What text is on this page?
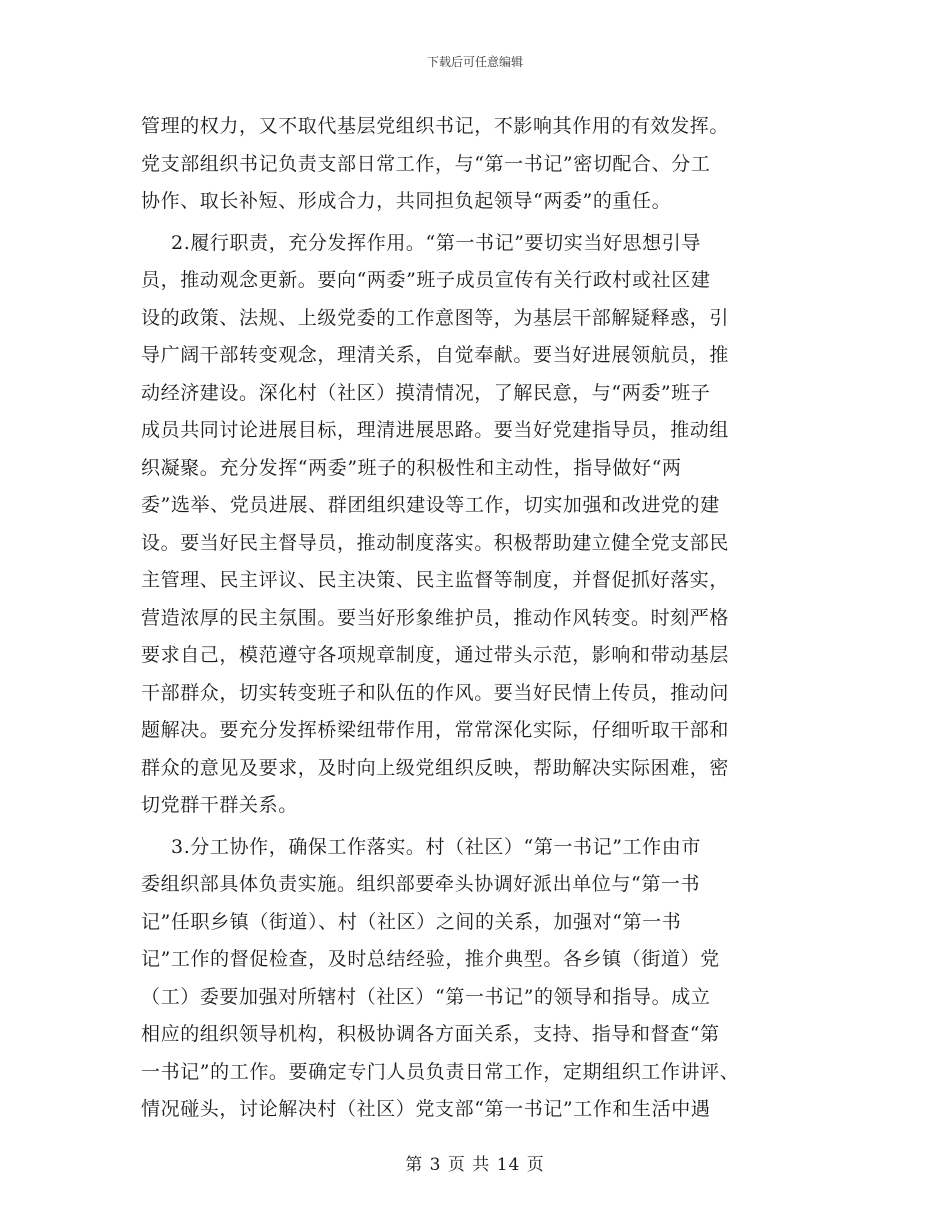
下载后可任意编辑
管理的权力，又不取代基层党组织书记，不影响其作用的有效发挥。
党支部组织书记负责支部日常工作，与“第一书记”密切配合、分工
协作、取长补短、形成合力，共同担负起领导“两委”的重任。
2.履行职责，充分发挥作用。“第一书记”要切实当好思想引导
员，推动观念更新。要向“两委”班子成员宣传有关行政村或社区建
设的政策、法规、上级党委的工作意图等，为基层干部解疑释惑，引
导广阔干部转变观念，理清关系，自觉奉献。要当好进展领航员，推
动经济建设。深化村（社区）摸清情况，了解民意，与“两委”班子
成员共同讨论进展目标，理清进展思路。要当好党建指导员，推动组
织凝聚。充分发挥“两委”班子的积极性和主动性，指导做好“两
委”选举、党员进展、群团组织建设等工作，切实加强和改进党的建
设。要当好民主督导员，推动制度落实。积极帮助建立健全党支部民
主管理、民主评议、民主决策、民主监督等制度，并督促抓好落实，
营造浓厚的民主氛围。要当好形象维护员，推动作风转变。时刻严格
要求自己，模范遵守各项规章制度，通过带头示范，影响和带动基层
干部群众，切实转变班子和队伍的作风。要当好民情上传员，推动问
题解决。要充分发挥桥梁纽带作用，常常深化实际，仔细听取干部和
群众的意见及要求，及时向上级党组织反映，帮助解决实际困难，密
切党群干群关系。
3.分工协作，确保工作落实。村（社区）“第一书记”工作由市
委组织部具体负责实施。组织部要牵头协调好派出单位与“第一书
记”任职乡镇（街道）、村（社区）之间的关系，加强对“第一书
记”工作的督促检查，及时总结经验，推介典型。各乡镇（街道）党
（工）委要加强对所辖村（社区）“第一书记”的领导和指导。成立
相应的组织领导机构，积极协调各方面关系，支持、指导和督查“第
一书记”的工作。要确定专门人员负责日常工作，定期组织工作讲评、
情况碰头，讨论解决村（社区）党支部“第一书记”工作和生活中遇
第 3 页 共 14 页
